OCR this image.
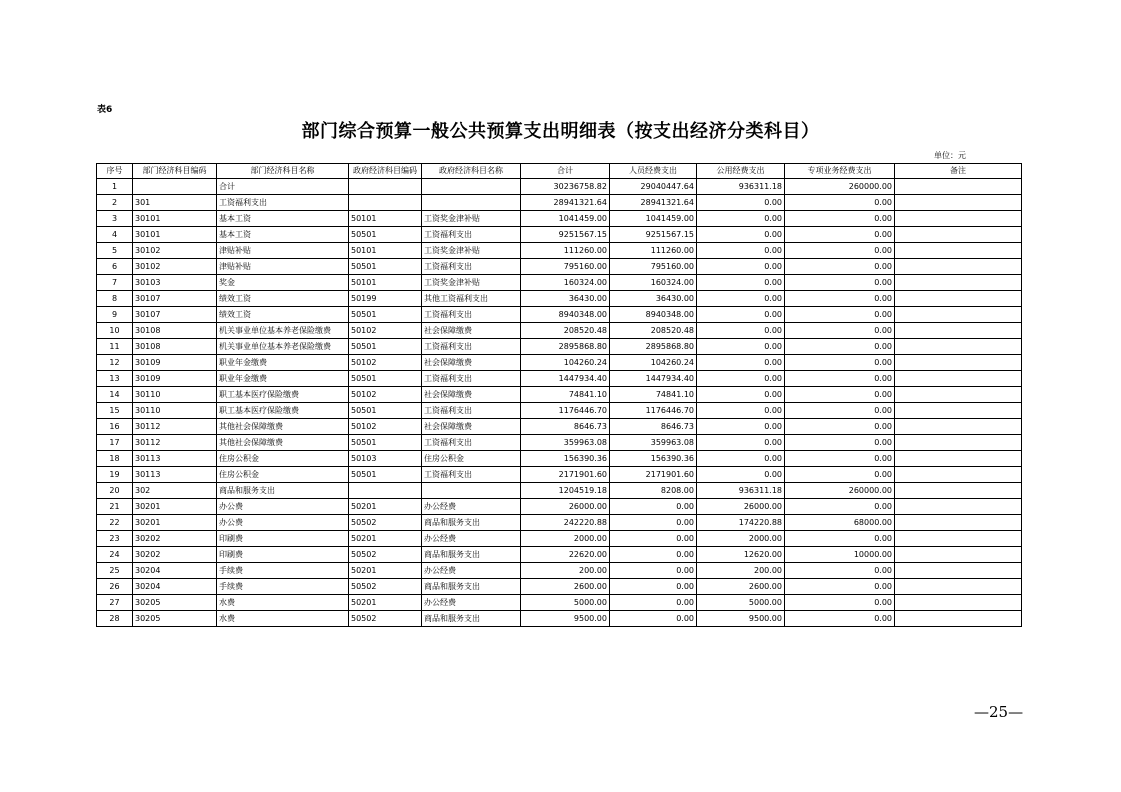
表6
部门综合预算一般公共预算支出明细表（按支出经济分类科目）
单位：元
序号	部门经济科目编码	部门经济科目名称	政府经济科目编码	政府经济科目名称	合计	人员经费支出	公用经费支出	专项业务经费支出	备注
1		合计			30236758.82	29040447.64	936311.18	260000.00	
2	301	工资福利支出			28941321.64	28941321.64	0.00	0.00	
3	30101	基本工资	50101	工资奖金津补贴	1041459.00	1041459.00	0.00	0.00	
4	30101	基本工资	50501	工资福利支出	9251567.15	9251567.15	0.00	0.00	
5	30102	津贴补贴	50101	工资奖金津补贴	111260.00	111260.00	0.00	0.00	
6	30102	津贴补贴	50501	工资福利支出	795160.00	795160.00	0.00	0.00	
7	30103	奖金	50101	工资奖金津补贴	160324.00	160324.00	0.00	0.00	
8	30107	绩效工资	50199	其他工资福利支出	36430.00	36430.00	0.00	0.00	
9	30107	绩效工资	50501	工资福利支出	8940348.00	8940348.00	0.00	0.00	
10	30108	机关事业单位基本养老保险缴费	50102	社会保障缴费	208520.48	208520.48	0.00	0.00	
11	30108	机关事业单位基本养老保险缴费	50501	工资福利支出	2895868.80	2895868.80	0.00	0.00	
12	30109	职业年金缴费	50102	社会保障缴费	104260.24	104260.24	0.00	0.00	
13	30109	职业年金缴费	50501	工资福利支出	1447934.40	1447934.40	0.00	0.00	
14	30110	职工基本医疗保险缴费	50102	社会保障缴费	74841.10	74841.10	0.00	0.00	
15	30110	职工基本医疗保险缴费	50501	工资福利支出	1176446.70	1176446.70	0.00	0.00	
16	30112	其他社会保障缴费	50102	社会保障缴费	8646.73	8646.73	0.00	0.00	
17	30112	其他社会保障缴费	50501	工资福利支出	359963.08	359963.08	0.00	0.00	
18	30113	住房公积金	50103	住房公积金	156390.36	156390.36	0.00	0.00	
19	30113	住房公积金	50501	工资福利支出	2171901.60	2171901.60	0.00	0.00	
20	302	商品和服务支出			1204519.18	8208.00	936311.18	260000.00	
21	30201	办公费	50201	办公经费	26000.00	0.00	26000.00	0.00	
22	30201	办公费	50502	商品和服务支出	242220.88	0.00	174220.88	68000.00	
23	30202	印刷费	50201	办公经费	2000.00	0.00	2000.00	0.00	
24	30202	印刷费	50502	商品和服务支出	22620.00	0.00	12620.00	10000.00	
25	30204	手续费	50201	办公经费	200.00	0.00	200.00	0.00	
26	30204	手续费	50502	商品和服务支出	2600.00	0.00	2600.00	0.00	
27	30205	水费	50201	办公经费	5000.00	0.00	5000.00	0.00	
28	30205	水费	50502	商品和服务支出	9500.00	0.00	9500.00	0.00	
—25—
